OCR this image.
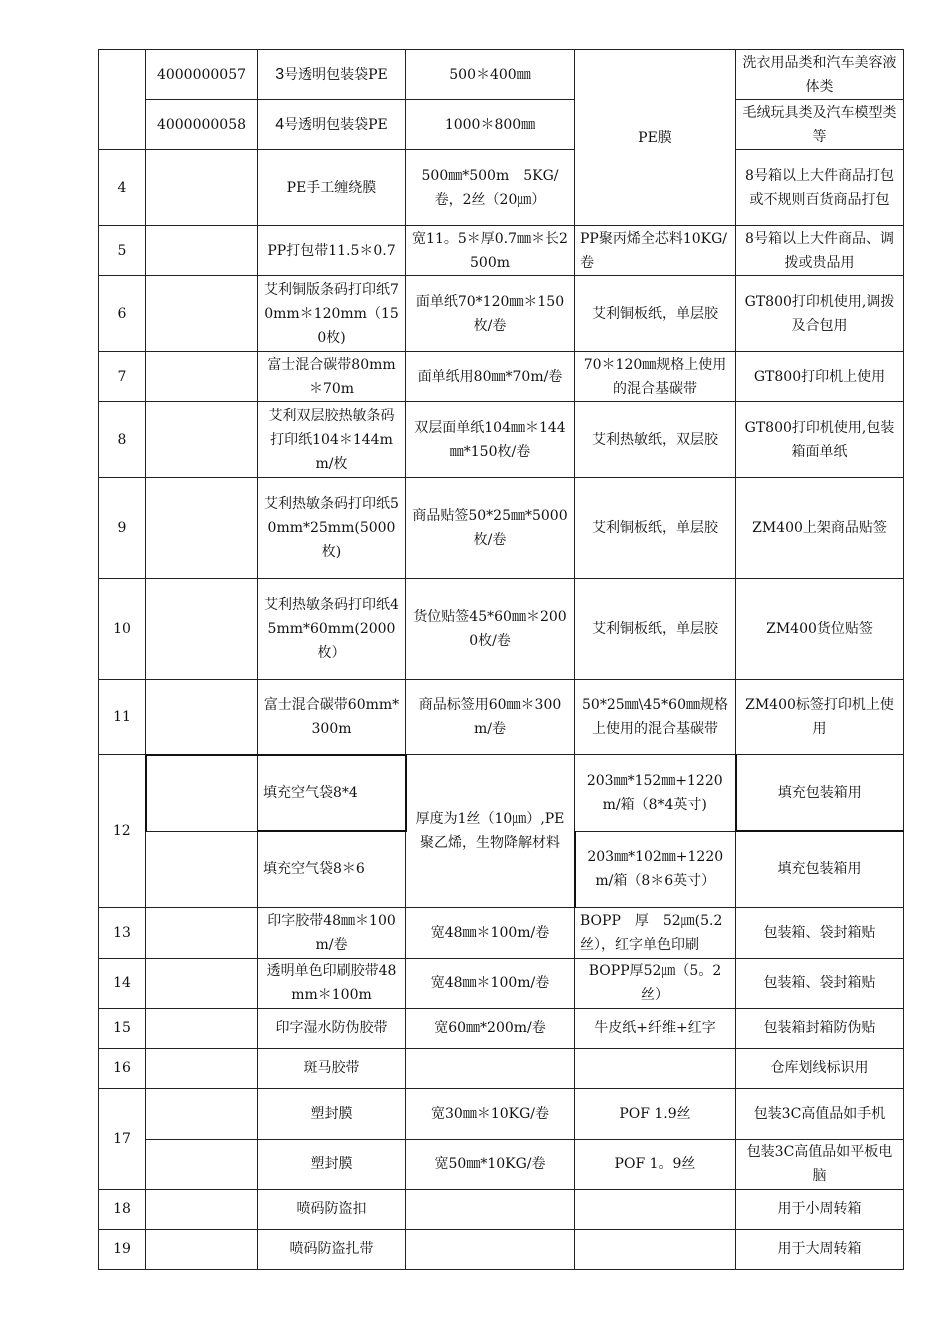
	4000000057	3号透明包装袋PE	500＊400㎜	PE膜	洗衣用品类和汽车美容液体类
	4000000058	4号透明包装袋PE	1000＊800㎜		毛绒玩具类及汽车模型类等
4		PE手工缠绕膜	500㎜*500m　5KG/卷，2丝（20㎛）		8号箱以上大件商品打包或不规则百货商品打包
5		PP打包带11.5＊0.7	宽11。5＊厚0.7㎜＊长2500m	PP聚丙烯全芯料10KG/卷	8号箱以上大件商品、调拨或贵品用
6		艾利铜版条码打印纸70mm＊120mm（150枚)	面单纸70*120㎜＊150枚/卷	艾利铜板纸，单层胶	GT800打印机使用,调拨及合包用
7		富士混合碳带80mm＊70m	面单纸用80㎜*70m/卷	70＊120㎜规格上使用的混合基碳带	GT800打印机上使用
8		艾利双层胶热敏条码打印纸104＊144mm/枚	双层面单纸104㎜＊144㎜*150枚/卷	艾利热敏纸，双层胶	GT800打印机使用,包装箱面单纸
9		艾利热敏条码打印纸50mm*25mm(5000枚)	商品贴签50*25㎜*5000枚/卷	艾利铜板纸，单层胶	ZM400上架商品贴签
10		艾利热敏条码打印纸45mm*60mm(2000枚）	货位贴签45*60㎜＊2000枚/卷	艾利铜板纸，单层胶	ZM400货位贴签
11		富士混合碳带60mm*300m	商品标签用60㎜＊300m/卷	50*25㎜\45*60㎜规格上使用的混合基碳带	ZM400标签打印机上使用
12		填充空气袋8*4	厚度为1丝（10㎛）,PE聚乙烯，生物降解材料	203㎜*152㎜+1220m/箱（8*4英寸)	填充包装箱用
		填充空气袋8＊6		203㎜*102㎜+1220m/箱（8＊6英寸）	填充包装箱用
13		印字胶带48㎜＊100m/卷	宽48㎜＊100m/卷	BOPP　厚　52㎛(5.2丝），红字单色印刷	包装箱、袋封箱贴
14		透明单色印刷胶带48mm＊100m	宽48㎜＊100m/卷	BOPP厚52㎛（5。2丝）	包装箱、袋封箱贴
15		印字湿水防伪胶带	宽60㎜*200m/卷	牛皮纸+纤维+红字	包装箱封箱防伪贴
16		斑马胶带			仓库划线标识用
17		塑封膜	宽30㎜＊10KG/卷	POF 1.9丝	包装3C高值品如手机
		塑封膜	宽50㎜*10KG/卷	POF 1。9丝	包装3C高值品如平板电脑
18		喷码防盗扣			用于小周转箱
19		喷码防盗扎带			用于大周转箱
